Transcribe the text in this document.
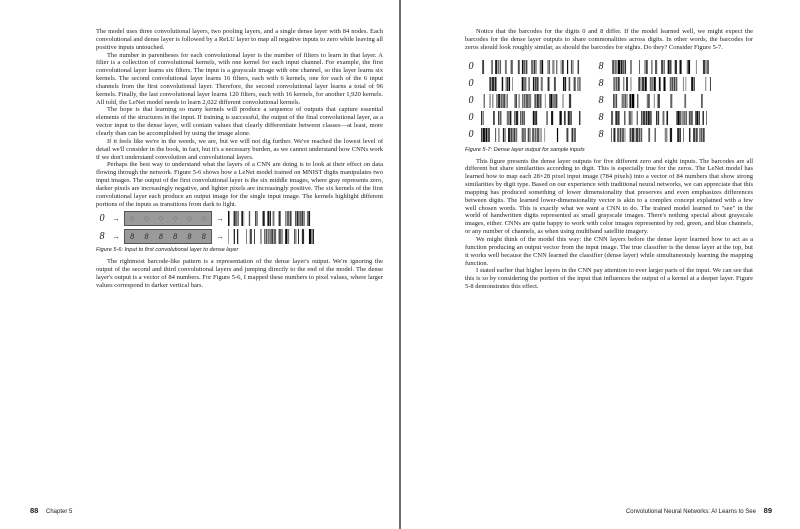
The model uses three convolutional layers, two pooling layers, and a single dense layer with 84 nodes. Each convolutional and dense layer is followed by a ReLU layer to map all negative inputs to zero while leaving all positive inputs untouched.

The number in parentheses for each convolutional layer is the number of filters to learn in that layer. A filter is a collection of convolutional kernels, with one kernel for each input channel. For example, the first convolutional layer learns six filters. The input is a grayscale image with one channel, so this layer learns six kernels. The second convolutional layer learns 16 filters, each with 6 kernels, one for each of the 6 input channels from the first convolutional layer. Therefore, the second convolutional layer learns a total of 96 kernels. Finally, the last convolutional layer learns 120 filters, each with 16 kernels, for another 1,920 kernels. All told, the LeNet model needs to learn 2,022 different convolutional kernels.

The hope is that learning so many kernels will produce a sequence of outputs that capture essential elements of the structures in the input. If training is successful, the output of the final convolutional layer, as a vector input to the dense layer, will contain values that clearly differentiate between classes—at least, more clearly than can be accomplished by using the image alone.

If it feels like we're in the weeds, we are, but we will not dig further. We've reached the lowest level of detail we'll consider in the book, in fact, but it's a necessary burden, as we cannot understand how CNNs work if we don't understand convolution and convolutional layers.

Perhaps the best way to understand what the layers of a CNN are doing is to look at their effect on data flowing through the network. Figure 5-6 shows how a LeNet model trained on MNIST digits manipulates two input images. The output of the first convolutional layer is the six middle images, where gray represents zero, darker pixels are increasingly negative, and lighter pixels are increasingly positive. The six kernels of the first convolutional layer each produce an output image for the single input image. The kernels highlight different portions of the inputs as transitions from dark to light.

0 → ◌ ◌ ◌ ◌ ◌ ◌ →
8 → 8 8 8 8 8 8 →
Figure 5-6: Input to first convolutional layer to dense layer

The rightmost barcode-like pattern is a representation of the dense layer's output. We're ignoring the output of the second and third convolutional layers and jumping directly to the end of the model. The dense layer's output is a vector of 84 numbers. For Figure 5-6, I mapped these numbers to pixel values, where larger values correspond to darker vertical bars.

88 Chapter 5

Notice that the barcodes for the digits 0 and 8 differ. If the model learned well, we might expect the barcodes for the dense layer outputs to share commonalities across digits. In other words, the barcodes for zeros should look roughly similar, as should the barcodes for eights. Do they? Consider Figure 5-7.

0
0
0
0
0
8
8
8
8
8
Figure 5-7: Dense layer output for sample inputs

This figure presents the dense layer outputs for five different zero and eight inputs. The barcodes are all different but share similarities according to digit. This is especially true for the zeros. The LeNet model has learned how to map each 28×28 pixel input image (784 pixels) into a vector of 84 numbers that show strong similarities by digit type. Based on our experience with traditional neural networks, we can appreciate that this mapping has produced something of lower dimensionality that preserves and even emphasizes differences between digits. The learned lower-dimensionality vector is akin to a complex concept explained with a few well chosen words. This is exactly what we want a CNN to do. The trained model learned to "see" in the world of handwritten digits represented as small grayscale images. There's nothing special about grayscale images, either. CNNs are quite happy to work with color images represented by red, green, and blue channels, or any number of channels, as when using multiband satellite imagery.

We might think of the model this way: the CNN layers before the dense layer learned how to act as a function producing an output vector from the input image. The true classifier is the dense layer at the top, but it works well because the CNN learned the classifier (dense layer) while simultaneously learning the mapping function.

I stated earlier that higher layers in the CNN pay attention to ever larger parts of the input. We can see that this is so by considering the portion of the input that influences the output of a kernel at a deeper layer. Figure 5-8 demonstrates this effect.

Convolutional Neural Networks: AI Learns to See 89
